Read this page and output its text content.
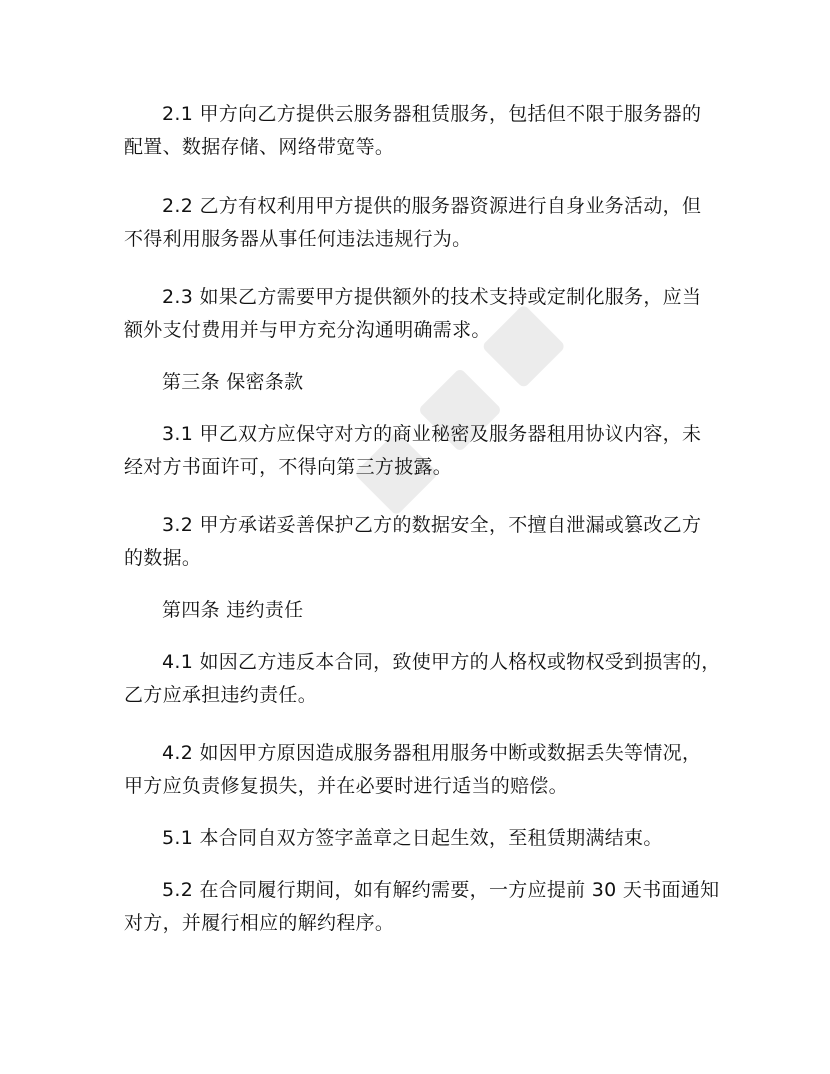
2.1 甲方向乙方提供云服务器租赁服务，包括但不限于服务器的
配置、数据存储、网络带宽等。
2.2 乙方有权利用甲方提供的服务器资源进行自身业务活动，但
不得利用服务器从事任何违法违规行为。
2.3 如果乙方需要甲方提供额外的技术支持或定制化服务，应当
额外支付费用并与甲方充分沟通明确需求。
第三条 保密条款
3.1 甲乙双方应保守对方的商业秘密及服务器租用协议内容，未
经对方书面许可，不得向第三方披露。
3.2 甲方承诺妥善保护乙方的数据安全，不擅自泄漏或篡改乙方
的数据。
第四条 违约责任
4.1 如因乙方违反本合同，致使甲方的人格权或物权受到损害的，
乙方应承担违约责任。
4.2 如因甲方原因造成服务器租用服务中断或数据丢失等情况，
甲方应负责修复损失，并在必要时进行适当的赔偿。
5.1 本合同自双方签字盖章之日起生效，至租赁期满结束。
5.2 在合同履行期间，如有解约需要，一方应提前 30 天书面通知
对方，并履行相应的解约程序。
